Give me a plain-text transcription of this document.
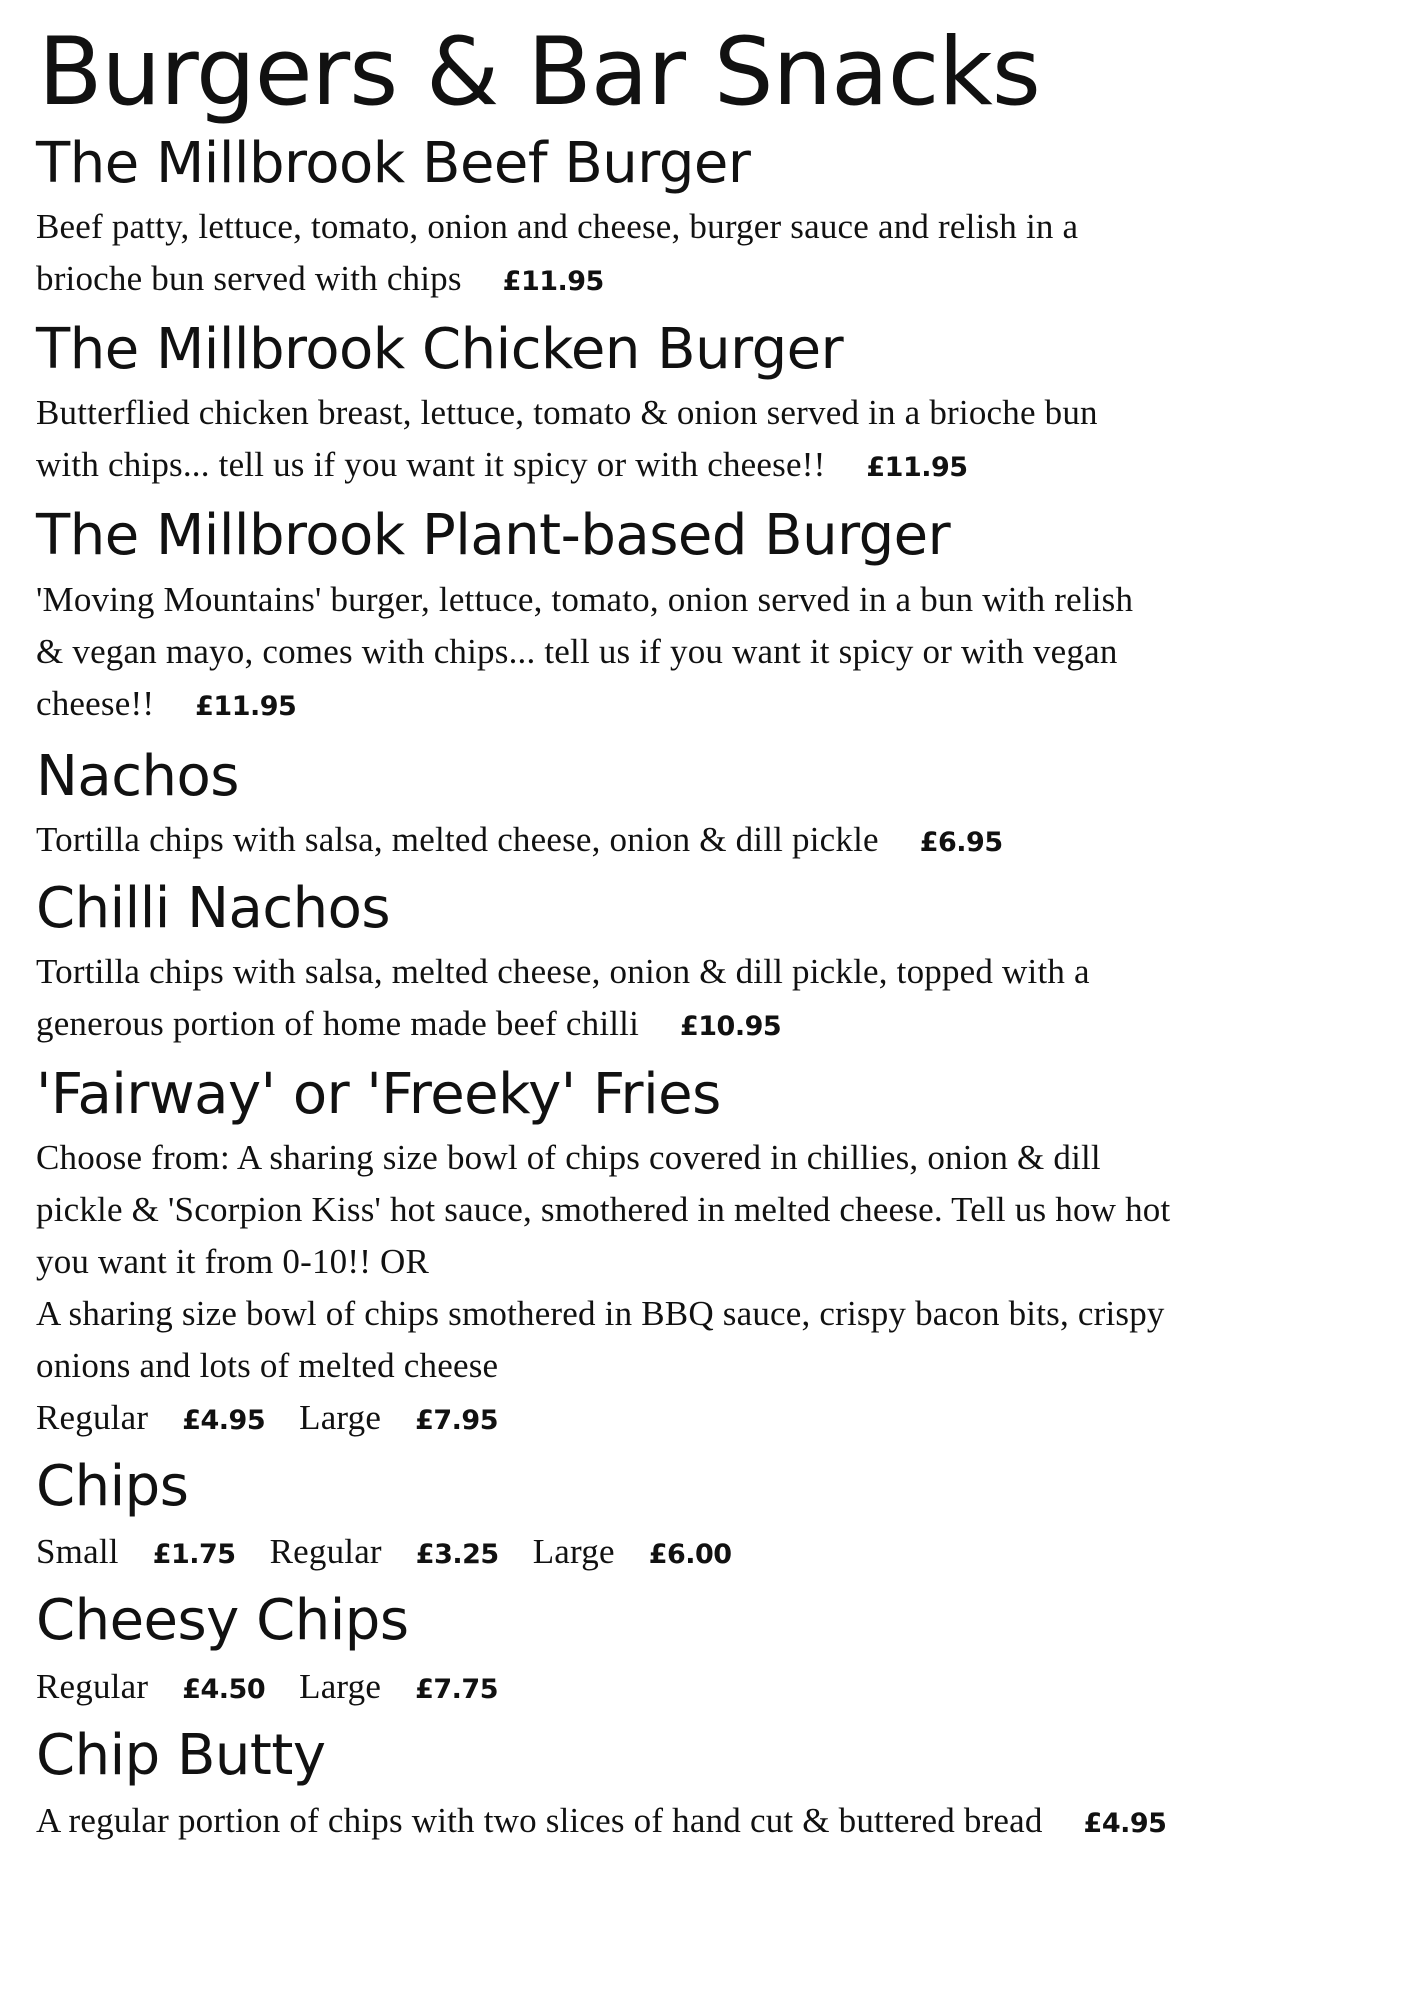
Burgers & Bar Snacks
The Millbrook Beef Burger

Beef patty, lettuce, tomato, onion and cheese, burger sauce and relish in a
brioche bun served with chips £11.95

The Millbrook Chicken Burger

Butterflied chicken breast, lettuce, tomato & onion served in a brioche bun
with chips... tell us if you want it spicy or with cheese!! £11.95

The Millbrook Plant-based Burger

'Moving Mountains' burger, lettuce, tomato, onion served in a bun with relish
& vegan mayo, comes with chips... tell us if you want it spicy or with vegan
cheese!! £11.95

Nachos

Tortilla chips with salsa, melted cheese, onion & dill pickle £6.95

Chilli Nachos

Tortilla chips with salsa, melted cheese, onion & dill pickle, topped with a
generous portion of home made beef chilli £10.95

'Fairway' or 'Freeky' Fries

Choose from: A sharing size bowl of chips covered in chillies, onion & dill
pickle & 'Scorpion Kiss' hot sauce, smothered in melted cheese. Tell us how hot
you want it from 0-10!! OR
A sharing size bowl of chips smothered in BBQ sauce, crispy bacon bits, crispy
onions and lots of melted cheese

Regular £4.95 Large £7.95

Chips

Small £1.75 Regular £3.25 Large £6.00

Cheesy Chips

Regular £4.50 Large £7.75

Chip Butty

A regular portion of chips with two slices of hand cut & buttered bread £4.95
